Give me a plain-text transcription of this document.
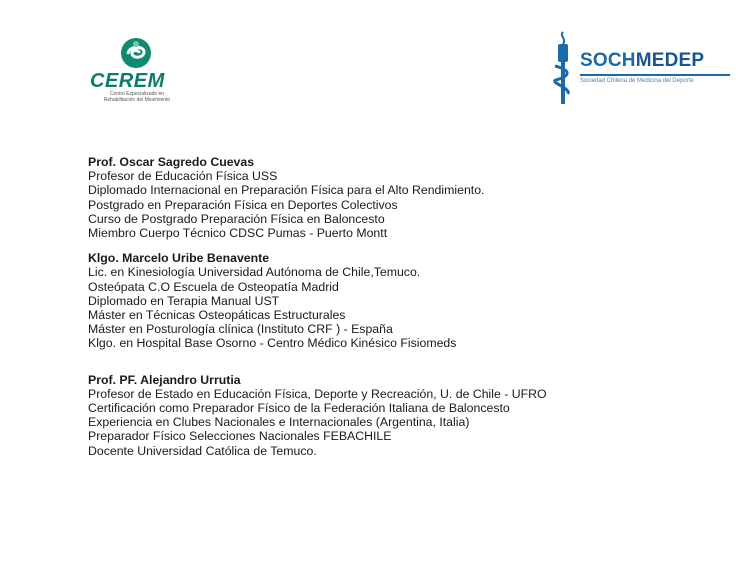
CEREM
Centro Especializado en
Rehabilitación del Movimiento
SOCHMEDEP
Sociedad Chilena de Medicina del Deporte
Prof. Oscar Sagredo Cuevas
Profesor de Educación Física USS
Diplomado Internacional en Preparación Física para el Alto Rendimiento.
Postgrado en Preparación Física en Deportes Colectivos
Curso de Postgrado Preparación Física en Baloncesto
Miembro Cuerpo Técnico CDSC Pumas - Puerto Montt
Klgo. Marcelo Uribe Benavente
Lic. en Kinesiología Universidad Autónoma de Chile,Temuco.
Osteópata C.O Escuela de Osteopatía Madrid
Diplomado en Terapia Manual UST
Máster en Técnicas Osteopáticas Estructurales
Máster en Posturología clínica (Instituto CRF ) - España
Klgo. en Hospital Base Osorno - Centro Médico Kinésico Fisiomeds
Prof. PF. Alejandro Urrutia
Profesor de Estado en Educación Física, Deporte y Recreación, U. de Chile - UFRO
Certificación como Preparador Físico de la Federación Italiana de Baloncesto
Experiencia en Clubes Nacionales e Internacionales (Argentina, Italia)
Preparador Físico Selecciones Nacionales FEBACHILE
Docente Universidad Católica de Temuco.
